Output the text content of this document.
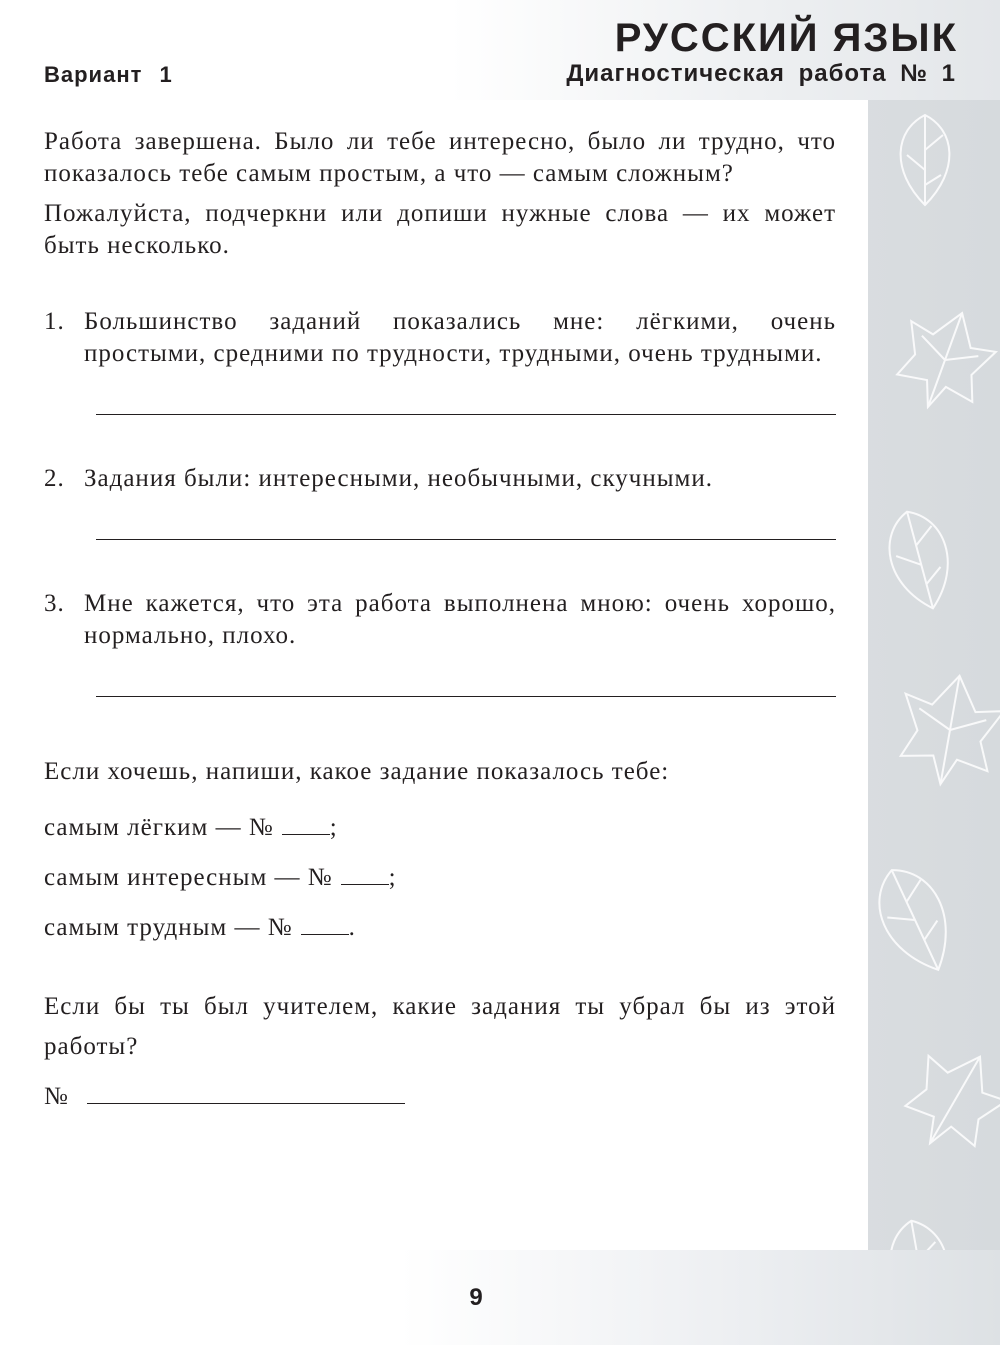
РУССКИЙ ЯЗЫК
Вариант 1	Диагностическая работа № 1

Работа завершена. Было ли тебе интересно, было ли трудно, что показалось тебе самым простым, а что — самым сложным?

Пожалуйста, подчеркни или допиши нужные слова — их может быть несколько.

1. Большинство заданий показались мне: лёгкими, очень простыми, средними по трудности, трудными, очень трудными.
2. Задания были: интересными, необычными, скучными.
3. Мне кажется, что эта работа выполнена мною: очень хорошо, нормально, плохо.

Если хочешь, напиши, какое задание показалось тебе:

самым лёгким — № ;

самым интересным — № ;

самым трудным — № .

Если бы ты был учителем, какие задания ты убрал бы из этой работы?

№

9
